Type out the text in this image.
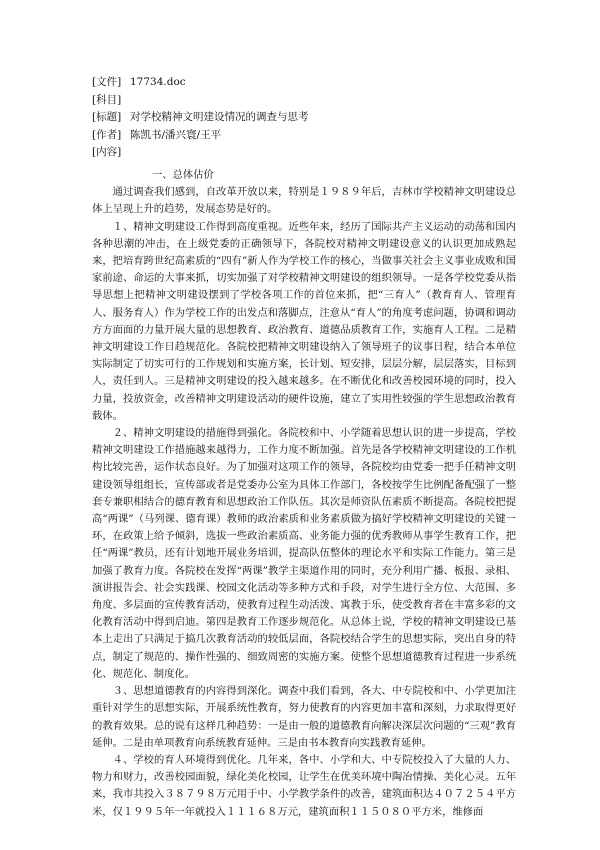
[文件] 17734.doc
[科目]
[标题] 对学校精神文明建设情况的调查与思考
[作者] 陈凯书/潘兴寰/王平
[内容]
一、总体估价

通过调查我们感到，自改革开放以来，特别是１９８９年后，吉林市学校精神文明建设总体上呈现上升的趋势，发展态势是好的。

１、精神文明建设工作得到高度重视。近些年来，经历了国际共产主义运动的动荡和国内各种思潮的冲击，在上级党委的正确领导下，各院校对精神文明建设意义的认识更加成熟起来，把培育跨世纪高素质的“四有”新人作为学校工作的核心，当做事关社会主义事业成败和国家前途、命运的大事来抓，切实加强了对学校精神文明建设的组织领导。一是各学校党委从指导思想上把精神文明建设摆到了学校各项工作的首位来抓，把“三育人”（教育育人、管理育人、服务育人）作为学校工作的出发点和落脚点，注意从“育人”的角度考虑问题，协调和调动方方面面的力量开展大量的思想教育、政治教育、道德品质教育工作，实施育人工程。二是精神文明建设工作日趋规范化。各院校把精神文明建设纳入了领导班子的议事日程，结合本单位实际制定了切实可行的工作规划和实施方案，长计划、短安排，层层分解，层层落实，目标到人，责任到人。三是精神文明建设的投入越来越多。在不断优化和改善校园环境的同时，投入力量，投放资金，改善精神文明建设活动的硬件设施，建立了实用性较强的学生思想政治教育载体。

２、精神文明建设的措施得到强化。各院校和中、小学随着思想认识的进一步提高，学校精神文明建设工作措施越来越得力，工作力度不断加强。首先是各学校精神文明建设的工作机构比较完善，运作状态良好。为了加强对这项工作的领导，各院校均由党委一把手任精神文明建设领导组组长，宣传部或者是党委办公室为具体工作部门，各校按学生比例配备配强了一整套专兼职相结合的德育教育和思想政治工作队伍。其次是师资队伍素质不断提高。各院校把提高“两课”（马列课、德育课）教师的政治素质和业务素质做为搞好学校精神文明建设的关键一环，在政策上给予倾斜，选拔一些政治素质高、业务能力强的优秀教师从事学生教育工作，把任“两课”教员，还有计划地开展业务培训，提高队伍整体的理论水平和实际工作能力。第三是加强了教育力度。各院校在发挥“两课”教学主渠道作用的同时，充分利用广播、板报、录相、演讲报告会、社会实践课、校园文化活动等多种方式和手段，对学生进行全方位、大范围、多角度、多层面的宣传教育活动，使教育过程生动活泼、寓教于乐，使受教育者在丰富多彩的文化教育活动中得到启迪。第四是教育工作逐步规范化。从总体上说，学校的精神文明建设已基本上走出了只满足于搞几次教育活动的较低层面，各院校结合学生的思想实际，突出自身的特点，制定了规范的、操作性强的、细致周密的实施方案。使整个思想道德教育过程进一步系统化、规范化、制度化。

３、思想道德教育的内容得到深化。调查中我们看到，各大、中专院校和中、小学更加注重针对学生的思想实际，开展系统性教育，努力使教育的内容更加丰富和深刻，力求取得更好的教育效果。总的说有这样几种趋势：一是由一般的道德教育向解决深层次问题的“三观”教育延伸。二是由单项教育向系统教育延伸。三是由书本教育向实践教育延伸。

４、学校的育人环境得到优化。几年来，各中、小学和大、中专院校投入了大量的人力、物力和财力，改善校园面貌，绿化美化校园，让学生在优美环境中陶冶情操、美化心灵。五年来，我市共投入３８７９８万元用于中、小学教学条件的改善，建筑面积达４０７２５４平方米，仅１９９５年一年就投入１１１６８万元，建筑面积１１５０８０平方米，维修面
